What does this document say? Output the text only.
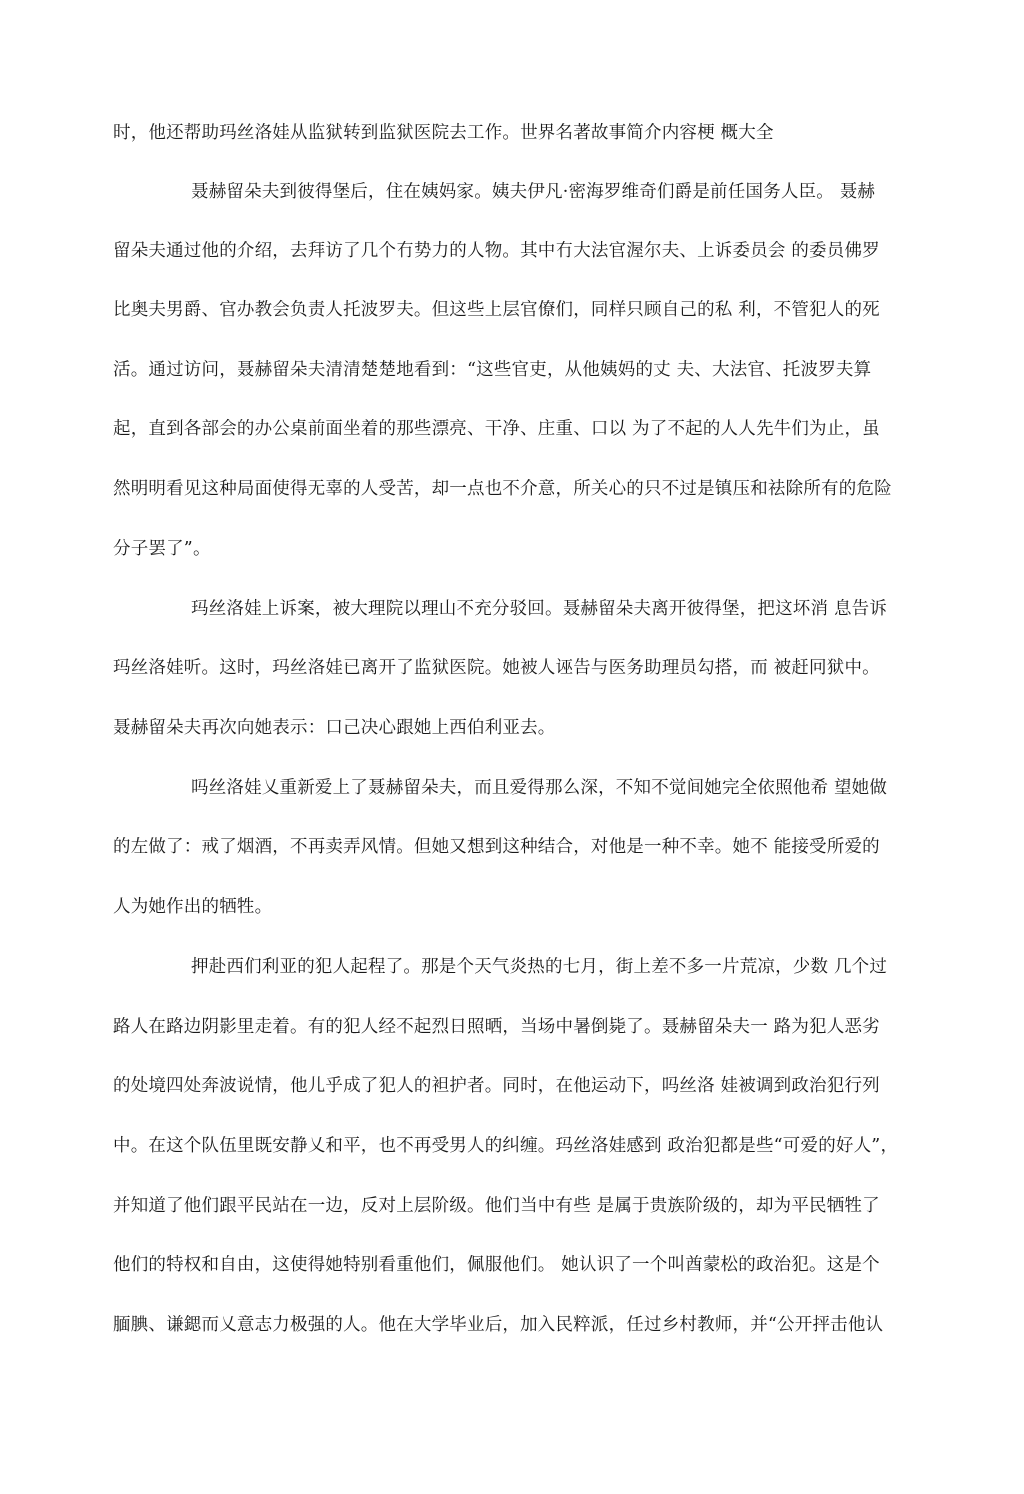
时，他还帮助玛丝洛娃从监狱转到监狱医院去工作。世界名著故事简介内容梗 概大全
聂赫留朵夫到彼得堡后，住在姨妈家。姨夫伊凡·密海罗维奇们爵是前任国务人臣。 聂赫
留朵夫通过他的介绍，去拜访了几个冇势力的人物。其中冇大法官渥尔夫、上诉委员会 的委员佛罗
比奥夫男爵、官办教会负责人托波罗夫。但这些上层官僚们，同样只顾自己的私 利，不管犯人的死
活。通过访问，聂赫留朵夫清清楚楚地看到：“这些官吏，从他姨妈的丈 夫、大法官、托波罗夫算
起，直到各部会的办公桌前面坐着的那些漂亮、干净、庄重、口以 为了不起的人人先牛们为止，虽
然明明看见这种局面使得无辜的人受苦，却一点也不介意，所关心的只不过是镇压和祛除所有的危险
分子罢了”。
玛丝洛娃上诉案，被大理院以理山不充分驳回。聂赫留朵夫离开彼得堡，把这坏消 息告诉
玛丝洛娃听。这时，玛丝洛娃已离开了监狱医院。她被人诬告与医务助理员勾搭，而 被赶冋狱中。
聂赫留朵夫再次向她表示：口己决心跟她上西伯利亚去。
吗丝洛娃乂重新爱上了聂赫留朵夫，而且爱得那么深，不知不觉间她完全依照他希 望她做
的左做了：戒了烟酒，不再卖弄风情。但她又想到这种结合，对他是一种不幸。她不 能接受所爱的
人为她作出的牺牲。
押赴西们利亚的犯人起程了。那是个天气炎热的七月，街上差不多一片荒凉，少数 几个过
路人在路边阴影里走着。有的犯人经不起烈日照晒，当场中暑倒毙了。聂赫留朵夫一 路为犯人恶劣
的处境四处奔波说情，他儿乎成了犯人的袒护者。同时，在他运动下，吗丝洛 娃被调到政治犯行列
中。在这个队伍里既安静乂和平，也不再受男人的纠缠。玛丝洛娃感到 政治犯都是些“可爱的好人”，
并知道了他们跟平民站在一边，反对上层阶级。他们当中有些 是属于贵族阶级的，却为平民牺牲了
他们的特权和自由，这使得她特别看重他们，佩服他们。 她认识了一个叫酋蒙松的政治犯。这是个
腼腆、谦鍶而乂意志力极强的人。他在大学毕业后，加入民粹派，任过乡村教师，并“公开抨击他认
